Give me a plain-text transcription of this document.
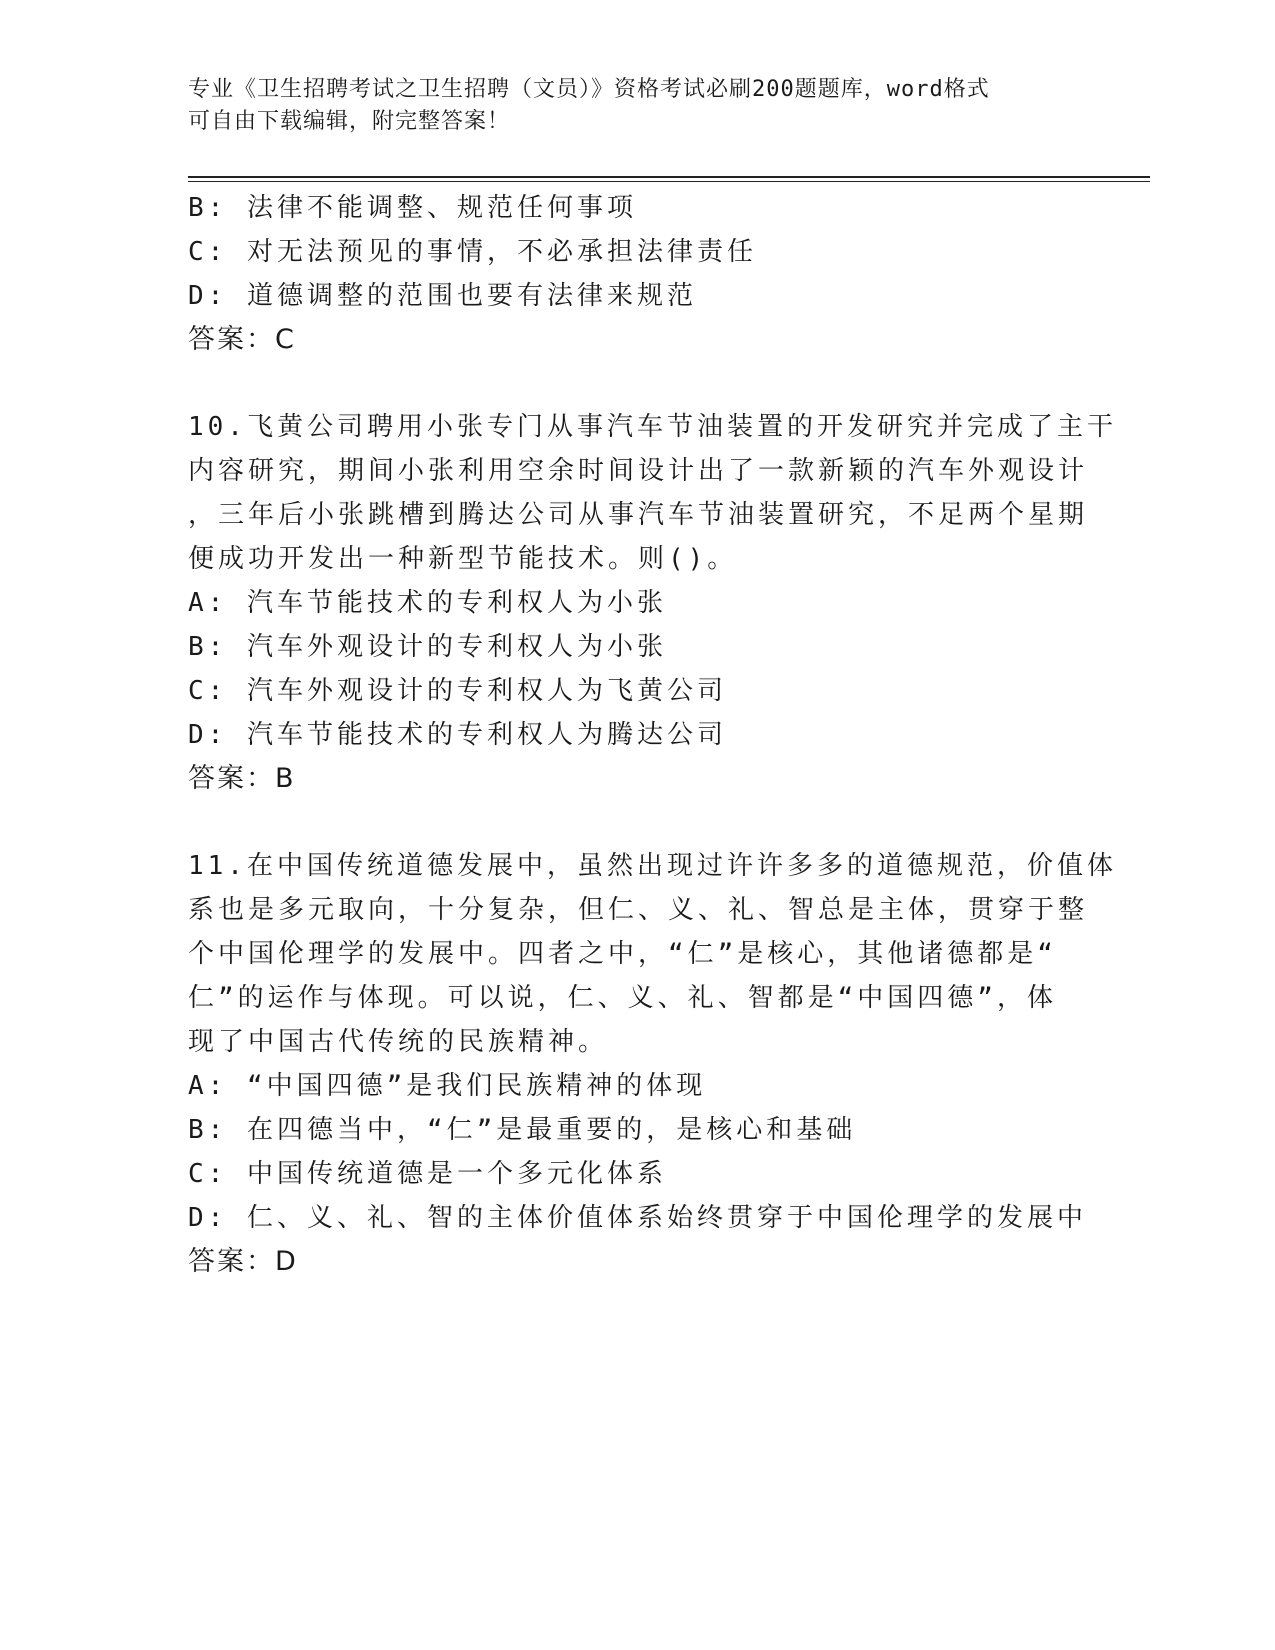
专业《卫生招聘考试之卫生招聘（文员）》资格考试必刷200题题库，word格式
可自由下载编辑，附完整答案！
B: 法律不能调整、规范任何事项
C: 对无法预见的事情，不必承担法律责任
D: 道德调整的范围也要有法律来规范
答案：C
10.飞黄公司聘用小张专门从事汽车节油装置的开发研究并完成了主干
内容研究，期间小张利用空余时间设计出了一款新颖的汽车外观设计
，三年后小张跳槽到腾达公司从事汽车节油装置研究，不足两个星期
便成功开发出一种新型节能技术。则()。
A: 汽车节能技术的专利权人为小张
B: 汽车外观设计的专利权人为小张
C: 汽车外观设计的专利权人为飞黄公司
D: 汽车节能技术的专利权人为腾达公司
答案：B
11.在中国传统道德发展中，虽然出现过许许多多的道德规范，价值体
系也是多元取向，十分复杂，但仁、义、礼、智总是主体，贯穿于整
个中国伦理学的发展中。四者之中，“仁”是核心，其他诸德都是“
仁”的运作与体现。可以说，仁、义、礼、智都是“中国四德”，体
现了中国古代传统的民族精神。
A: “中国四德”是我们民族精神的体现
B: 在四德当中，“仁”是最重要的，是核心和基础
C: 中国传统道德是一个多元化体系
D: 仁、义、礼、智的主体价值体系始终贯穿于中国伦理学的发展中
答案：D
